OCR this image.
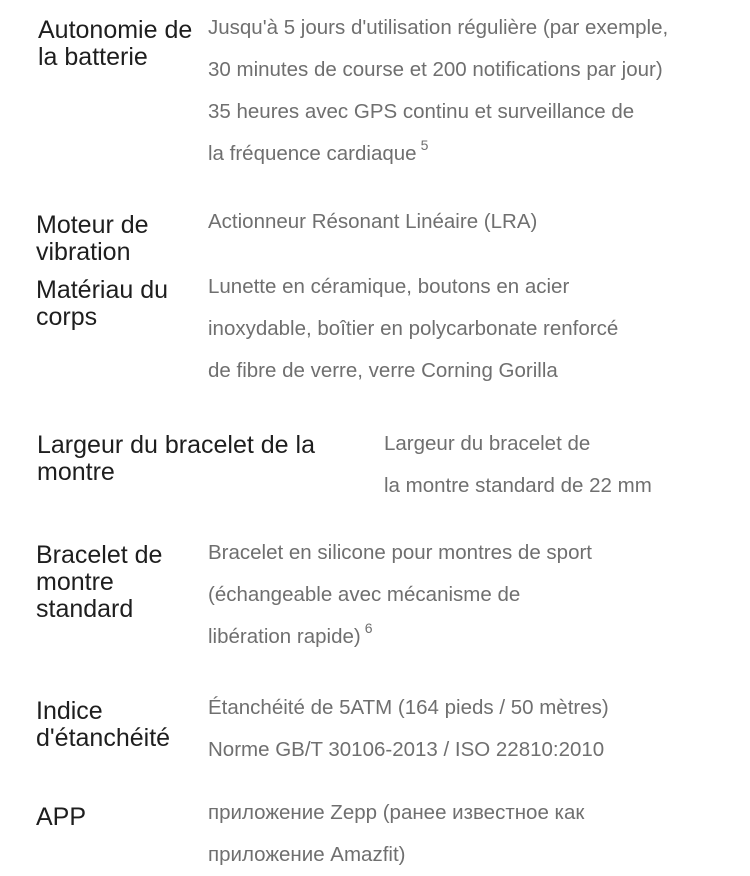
Autonomie de la batterie
Jusqu'à 5 jours d'utilisation régulière (par exemple,
30 minutes de course et 200 notifications par jour)
35 heures avec GPS continu et surveillance de
la fréquence cardiaque $^5$
Moteur de vibration
Actionneur Résonant Linéaire (LRA)
Matériau du corps
Lunette en céramique, boutons en acier
inoxydable, boîtier en polycarbonate renforcé
de fibre de verre, verre Corning Gorilla
Largeur du bracelet de la montre
Largeur du bracelet de
la montre standard de 22 mm
Bracelet de montre standard
Bracelet en silicone pour montres de sport
(échangeable avec mécanisme de
libération rapide) $^6$
Indice d'étanchéité
Étanchéité de 5ATM (164 pieds / 50 mètres)
Norme GB/T 30106-2013 / ISO 22810:2010
APP	приложение Zepp (ранее известное как
приложение Amazfit)
